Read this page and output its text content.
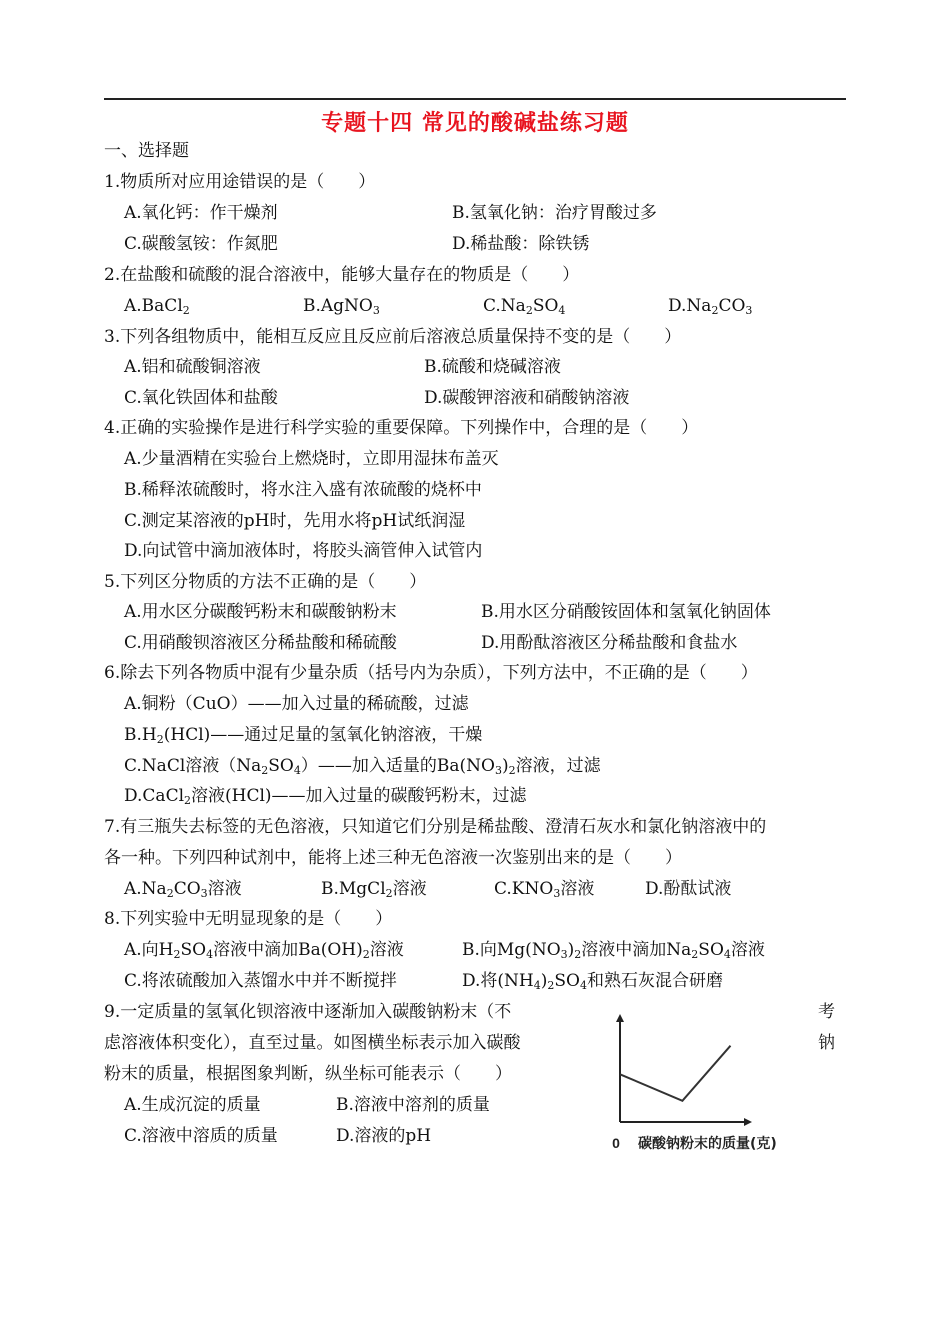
专题十四 常见的酸碱盐练习题
一、选择题
1.物质所对应用途错误的是（　　）
A.氧化钙：作干燥剂	B.氢氧化钠：治疗胃酸过多
C.碳酸氢铵：作氮肥	D.稀盐酸：除铁锈
2.在盐酸和硫酸的混合溶液中，能够大量存在的物质是（　　）
A.BaCl$_2$	B.AgNO$_3$	$C.Na_2SO_4$	$D.Na_2CO_3$
3.下列各组物质中，能相互反应且反应前后溶液总质量保持不变的是（　　）
A.铝和硫酸铜溶液	B.硫酸和烧碱溶液
C.氧化铁固体和盐酸	D.碳酸钾溶液和硝酸钠溶液
4.正确的实验操作是进行科学实验的重要保障。下列操作中，合理的是（　　）
A.少量酒精在实验台上燃烧时，立即用湿抹布盖灭
B.稀释浓硫酸时，将水注入盛有浓硫酸的烧杯中
C.测定某溶液的pH时，先用水将pH试纸润湿
D.向试管中滴加液体时，将胶头滴管伸入试管内
5.下列区分物质的方法不正确的是（　　）
A.用水区分碳酸钙粉末和碳酸钠粉末	B.用水区分硝酸铵固体和氢氧化钠固体
C.用硝酸钡溶液区分稀盐酸和稀硫酸	D.用酚酞溶液区分稀盐酸和食盐水
6.除去下列各物质中混有少量杂质（括号内为杂质），下列方法中，不正确的是（　　）
A.铜粉（CuO）——加入过量的稀硫酸，过滤
$B.H_2(HCl)——$通过足量的氢氧化钠溶液，干燥
C.NaCl溶液$(Na_2SO_4)——$加入适量的$Ba(NO_3)_2$溶液，过滤
D.CaCl$_2$溶液(HCl)——加入过量的碳酸钙粉末，过滤
7.有三瓶失去标签的无色溶液，只知道它们分别是稀盐酸、澄清石灰水和氯化钠溶液中的
各一种。下列四种试剂中，能将上述三种无色溶液一次鉴别出来的是（　　）
$A.Na_2CO_3$溶液	B.MgCl$_2$溶液	$C.KNO_3$溶液	D.酚酞试液
8.下列实验中无明显现象的是（　　）
A.向$H_2SO_4$溶液中滴加$Ba(OH)_2$溶液	B.向$Mg(NO_3)_2$溶液中滴加$Na_2SO_4$溶液
C.将浓硫酸加入蒸馏水中并不断搅拌	D.将$(NH_4)_2SO_4$和熟石灰混合研磨
9.一定质量的氢氧化钡溶液中逐渐加入碳酸钠粉末（不	考
虑溶液体积变化），直至过量。如图横坐标表示加入碳酸	钠
粉末的质量，根据图象判断，纵坐标可能表示（　　）
A.生成沉淀的质量	B.溶液中溶剂的质量
C.溶液中溶质的质量	D.溶液的pH	0 碳酸钠粉末的质量(克)
